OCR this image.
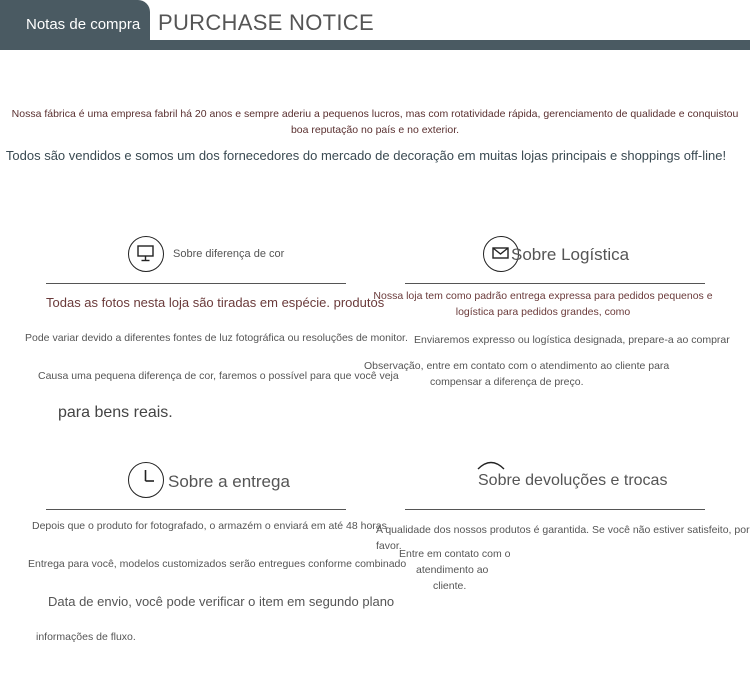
Notas de compra PURCHASE NOTICE
Nossa fábrica é uma empresa fabril há 20 anos e sempre aderiu a pequenos lucros, mas com rotatividade rápida, gerenciamento de qualidade e conquistou boa reputação no país e no exterior.
Todos são vendidos e somos um dos fornecedores do mercado de decoração em muitas lojas principais e shoppings off-line!
Sobre diferença de cor
Todas as fotos nesta loja são tiradas em espécie. produtos
Pode variar devido a diferentes fontes de luz fotográfica ou resoluções de monitor.
Causa uma pequena diferença de cor, faremos o possível para que você veja
para bens reais.
Sobre Logística
Nossa loja tem como padrão entrega expressa para pedidos pequenos e logística para pedidos grandes, como
Enviaremos expresso ou logística designada, prepare-a ao comprar
Observação, entre em contato com o atendimento ao cliente para
compensar a diferença de preço.
Sobre a entrega
Depois que o produto for fotografado, o armazém o enviará em até 48 horas
Entrega para você, modelos customizados serão entregues conforme combinado
Data de envio, você pode verificar o item em segundo plano
informações de fluxo.
Sobre devoluções e trocas
A qualidade dos nossos produtos é garantida. Se você não estiver satisfeito, por favor.
Entre em contato com o
atendimento ao
cliente.
